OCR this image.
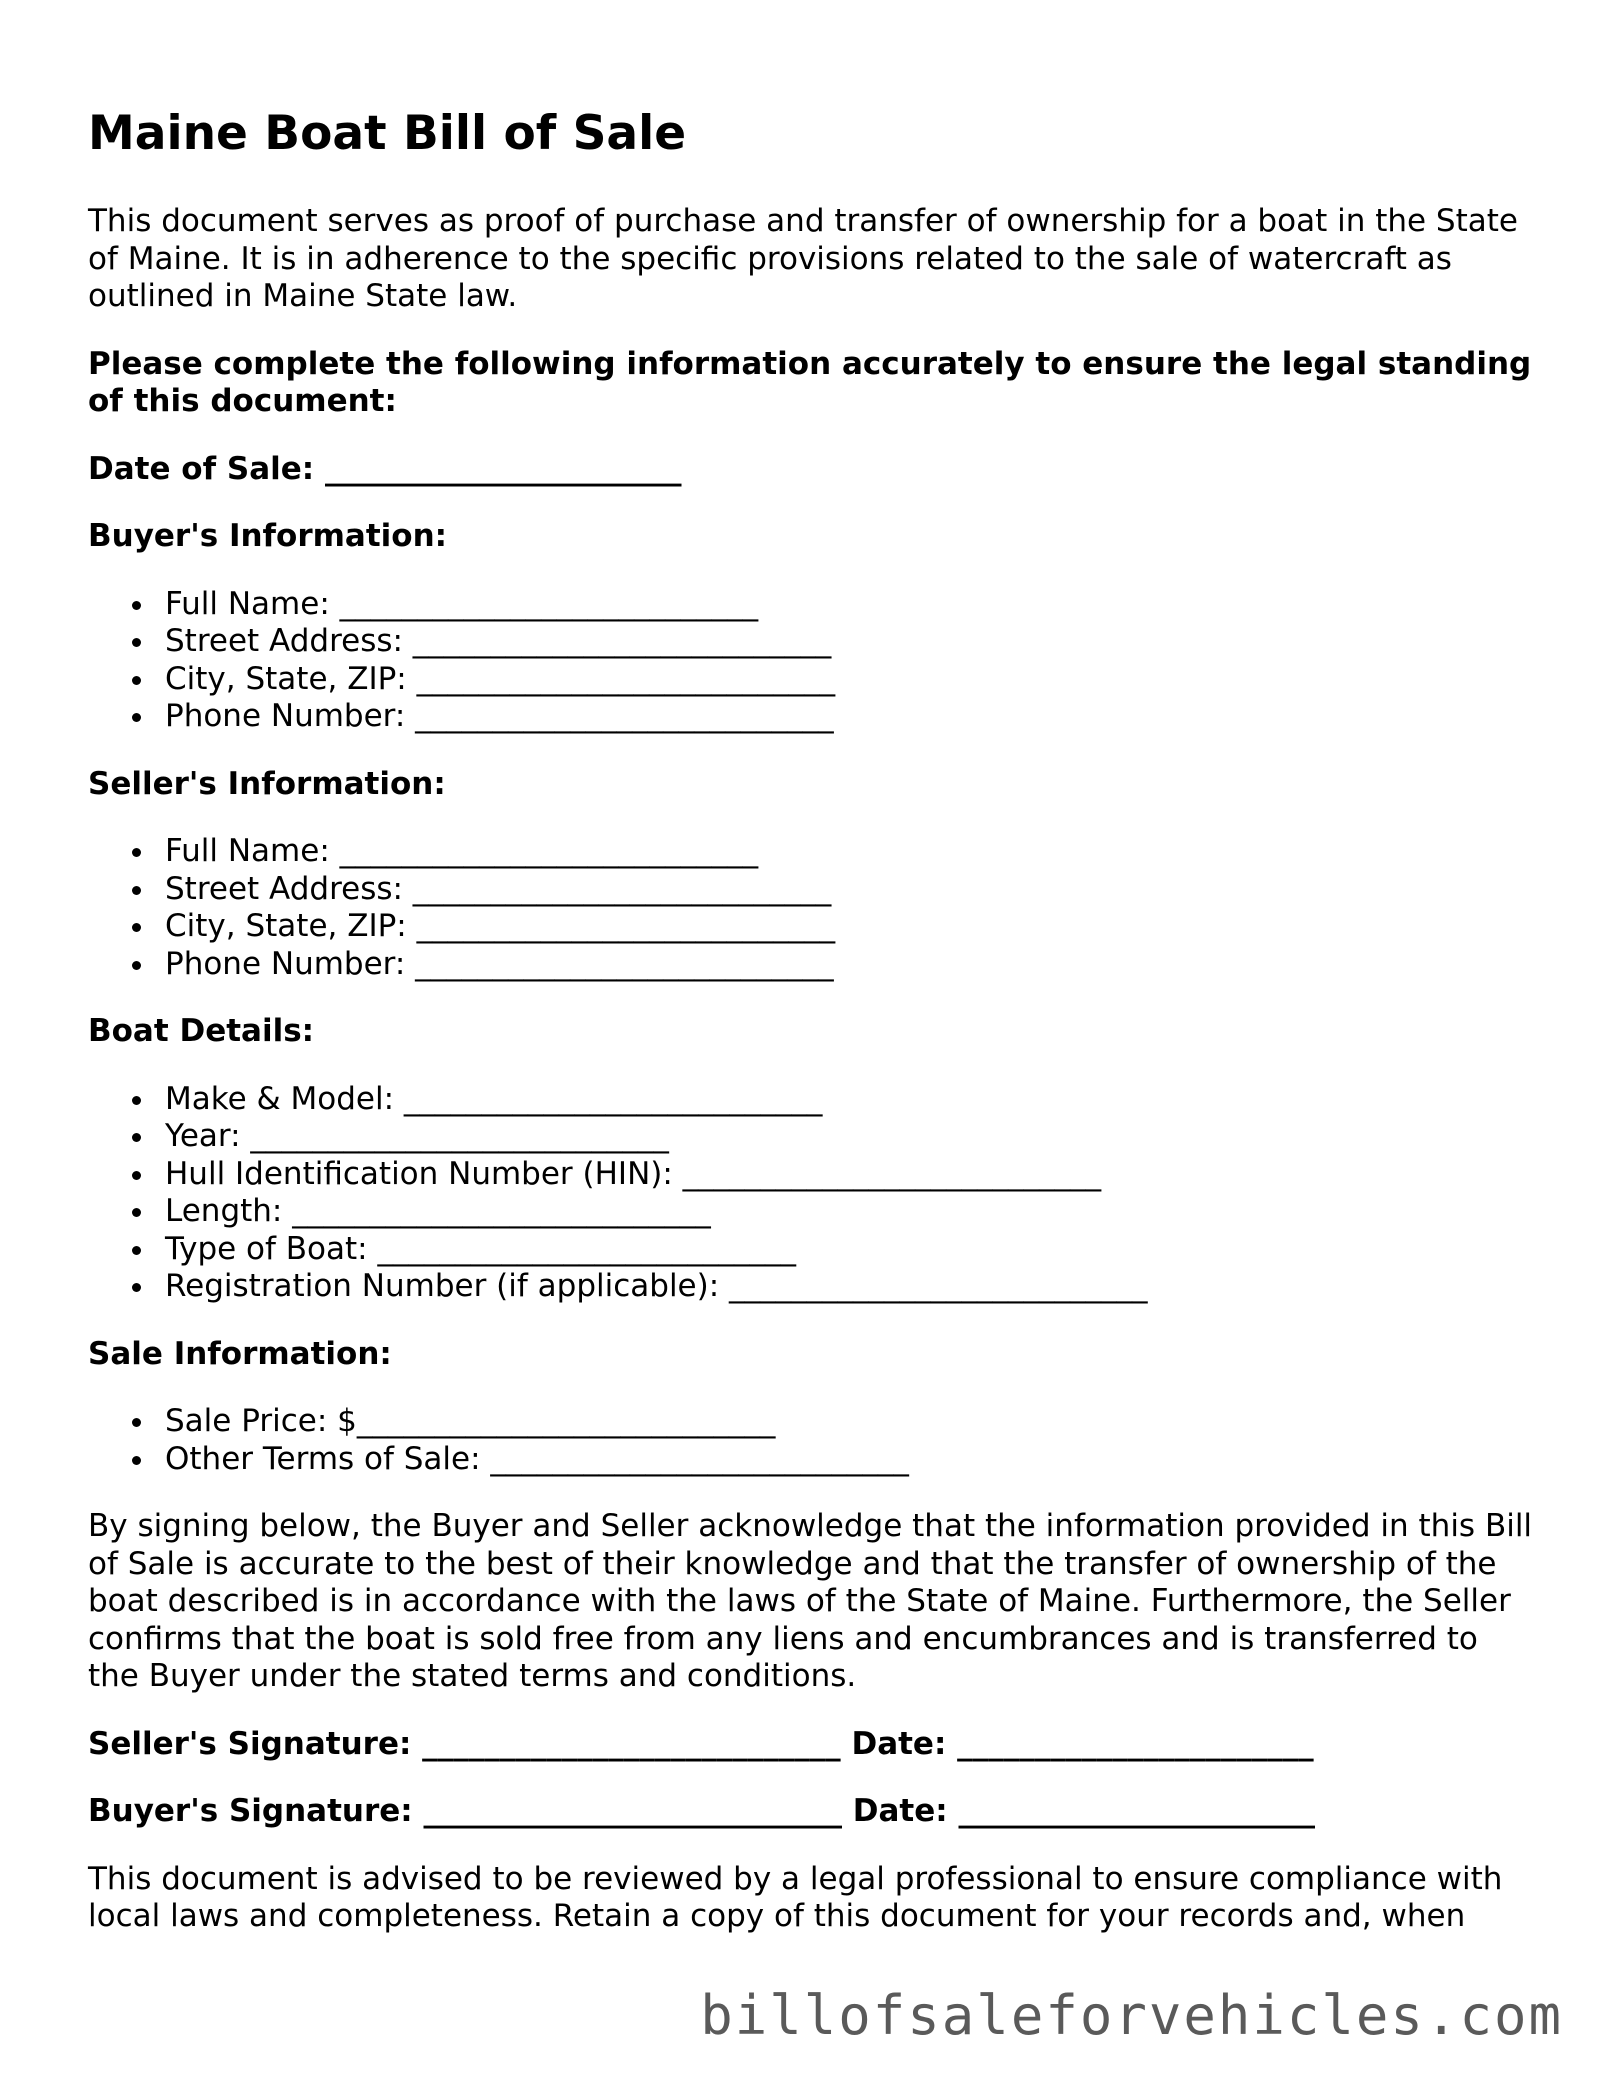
Maine Boat Bill of Sale

This document serves as proof of purchase and transfer of ownership for a boat in the State of Maine. It is in adherence to the specific provisions related to the sale of watercraft as outlined in Maine State law.

Please complete the following information accurately to ensure the legal standing of this document:

Date of Sale: _______________________

Buyer's Information:

Full Name: ___________________________
Street Address: ___________________________
City, State, ZIP: ___________________________
Phone Number: ___________________________

Seller's Information:

Full Name: ___________________________
Street Address: ___________________________
City, State, ZIP: ___________________________
Phone Number: ___________________________

Boat Details:

Make & Model: ___________________________
Year: ___________________________
Hull Identification Number (HIN): ___________________________
Length: ___________________________
Type of Boat: ___________________________
Registration Number (if applicable): ___________________________

Sale Information:

Sale Price: $___________________________
Other Terms of Sale: ___________________________

By signing below, the Buyer and Seller acknowledge that the information provided in this Bill of Sale is accurate to the best of their knowledge and that the transfer of ownership of the boat described is in accordance with the laws of the State of Maine. Furthermore, the Seller confirms that the boat is sold free from any liens and encumbrances and is transferred to the Buyer under the stated terms and conditions.

Seller's Signature: ___________________________ Date: _______________________

Buyer's Signature: ___________________________ Date: _______________________

This document is advised to be reviewed by a legal professional to ensure compliance with local laws and completeness. Retain a copy of this document for your records and, when

billofsaleforvehicles.com
